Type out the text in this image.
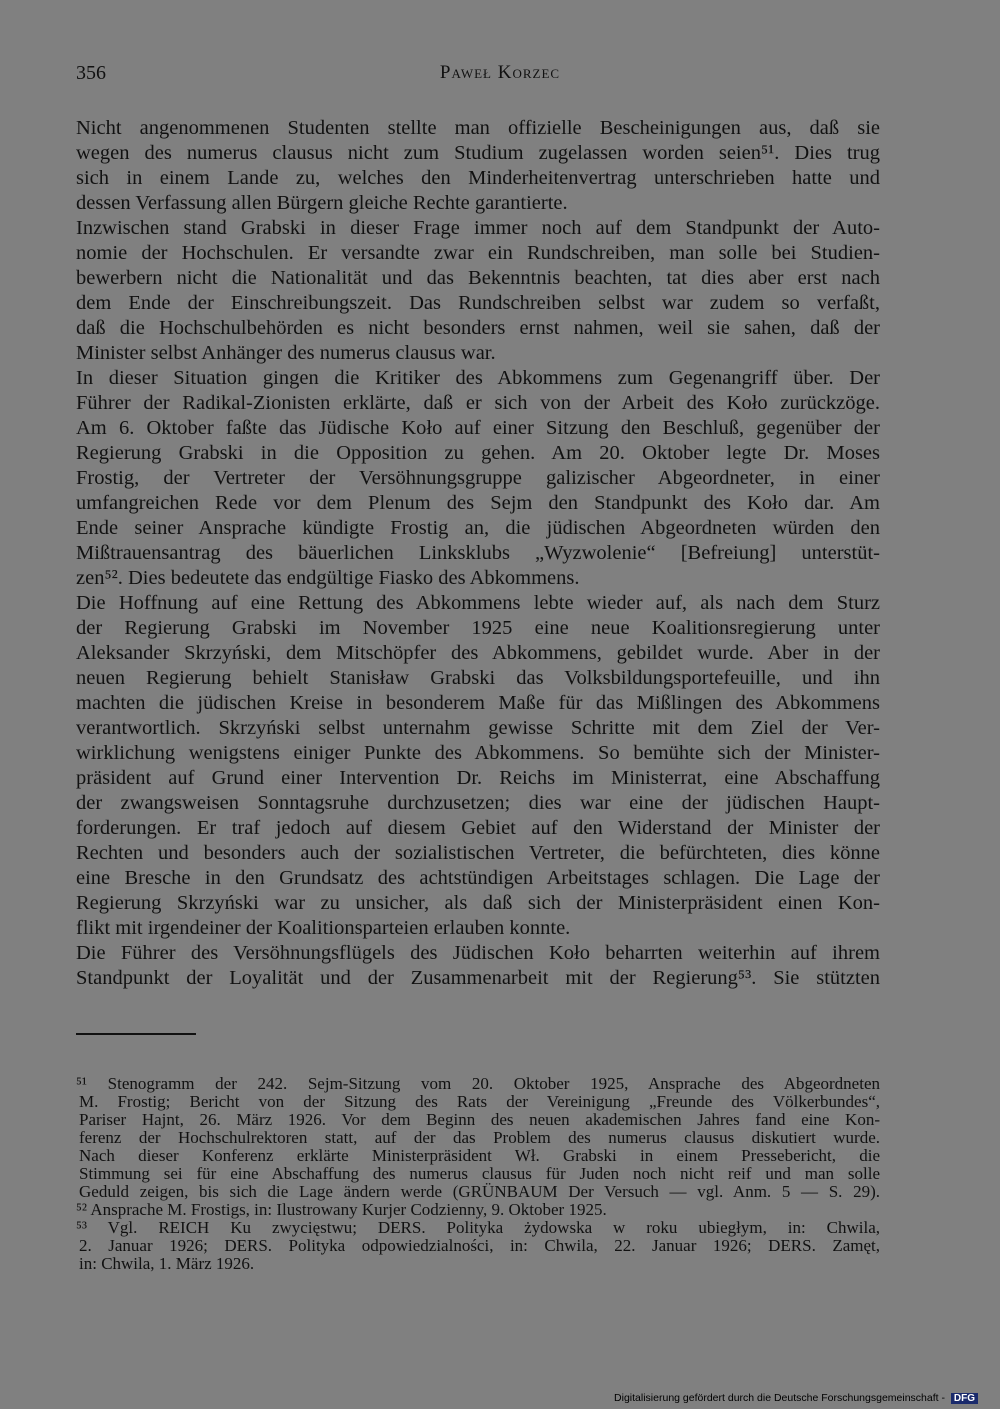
356	Paweł Korzec
Nicht angenommenen Studenten stellte man offizielle Bescheinigungen aus, daß sie
wegen des numerus clausus nicht zum Studium zugelassen worden seien⁵¹. Dies trug
sich in einem Lande zu, welches den Minderheitenvertrag unterschrieben hatte und
dessen Verfassung allen Bürgern gleiche Rechte garantierte.
Inzwischen stand Grabski in dieser Frage immer noch auf dem Standpunkt der Auto-
nomie der Hochschulen. Er versandte zwar ein Rundschreiben, man solle bei Studien-
bewerbern nicht die Nationalität und das Bekenntnis beachten, tat dies aber erst nach
dem Ende der Einschreibungszeit. Das Rundschreiben selbst war zudem so verfaßt,
daß die Hochschulbehörden es nicht besonders ernst nahmen, weil sie sahen, daß der
Minister selbst Anhänger des numerus clausus war.
In dieser Situation gingen die Kritiker des Abkommens zum Gegenangriff über. Der
Führer der Radikal-Zionisten erklärte, daß er sich von der Arbeit des Koło zurückzöge.
Am 6. Oktober faßte das Jüdische Koło auf einer Sitzung den Beschluß, gegenüber der
Regierung Grabski in die Opposition zu gehen. Am 20. Oktober legte Dr. Moses
Frostig, der Vertreter der Versöhnungsgruppe galizischer Abgeordneter, in einer
umfangreichen Rede vor dem Plenum des Sejm den Standpunkt des Koło dar. Am
Ende seiner Ansprache kündigte Frostig an, die jüdischen Abgeordneten würden den
Mißtrauensantrag des bäuerlichen Linksklubs „Wyzwolenie“ [Befreiung] unterstüt-
zen⁵². Dies bedeutete das endgültige Fiasko des Abkommens.
Die Hoffnung auf eine Rettung des Abkommens lebte wieder auf, als nach dem Sturz
der Regierung Grabski im November 1925 eine neue Koalitionsregierung unter
Aleksander Skrzyński, dem Mitschöpfer des Abkommens, gebildet wurde. Aber in der
neuen Regierung behielt Stanisław Grabski das Volksbildungsportefeuille, und ihn
machten die jüdischen Kreise in besonderem Maße für das Mißlingen des Abkommens
verantwortlich. Skrzyński selbst unternahm gewisse Schritte mit dem Ziel der Ver-
wirklichung wenigstens einiger Punkte des Abkommens. So bemühte sich der Minister-
präsident auf Grund einer Intervention Dr. Reichs im Ministerrat, eine Abschaffung
der zwangsweisen Sonntagsruhe durchzusetzen; dies war eine der jüdischen Haupt-
forderungen. Er traf jedoch auf diesem Gebiet auf den Widerstand der Minister der
Rechten und besonders auch der sozialistischen Vertreter, die befürchteten, dies könne
eine Bresche in den Grundsatz des achtstündigen Arbeitstages schlagen. Die Lage der
Regierung Skrzyński war zu unsicher, als daß sich der Ministerpräsident einen Kon-
flikt mit irgendeiner der Koalitionsparteien erlauben konnte.
Die Führer des Versöhnungsflügels des Jüdischen Koło beharrten weiterhin auf ihrem
Standpunkt der Loyalität und der Zusammenarbeit mit der Regierung⁵³. Sie stützten
⁵¹ Stenogramm der 242. Sejm-Sitzung vom 20. Oktober 1925, Ansprache des Abgeordneten
M. Frostig; Bericht von der Sitzung des Rats der Vereinigung „Freunde des Völkerbundes“,
Pariser Hajnt, 26. März 1926. Vor dem Beginn des neuen akademischen Jahres fand eine Kon-
ferenz der Hochschulrektoren statt, auf der das Problem des numerus clausus diskutiert wurde.
Nach dieser Konferenz erklärte Ministerpräsident Wł. Grabski in einem Pressebericht, die
Stimmung sei für eine Abschaffung des numerus clausus für Juden noch nicht reif und man solle
Geduld zeigen, bis sich die Lage ändern werde (GRÜNBAUM Der Versuch — vgl. Anm. 5 — S. 29).
⁵² Ansprache M. Frostigs, in: Ilustrowany Kurjer Codzienny, 9. Oktober 1925.
⁵³ Vgl. REICH Ku zwycięstwu; DERS. Polityka żydowska w roku ubiegłym, in: Chwila,
2. Januar 1926; DERS. Polityka odpowiedzialności, in: Chwila, 22. Januar 1926; DERS. Zamęt,
in: Chwila, 1. März 1926.
Digitalisierung gefördert durch die Deutsche Forschungsgemeinschaft - DFG
